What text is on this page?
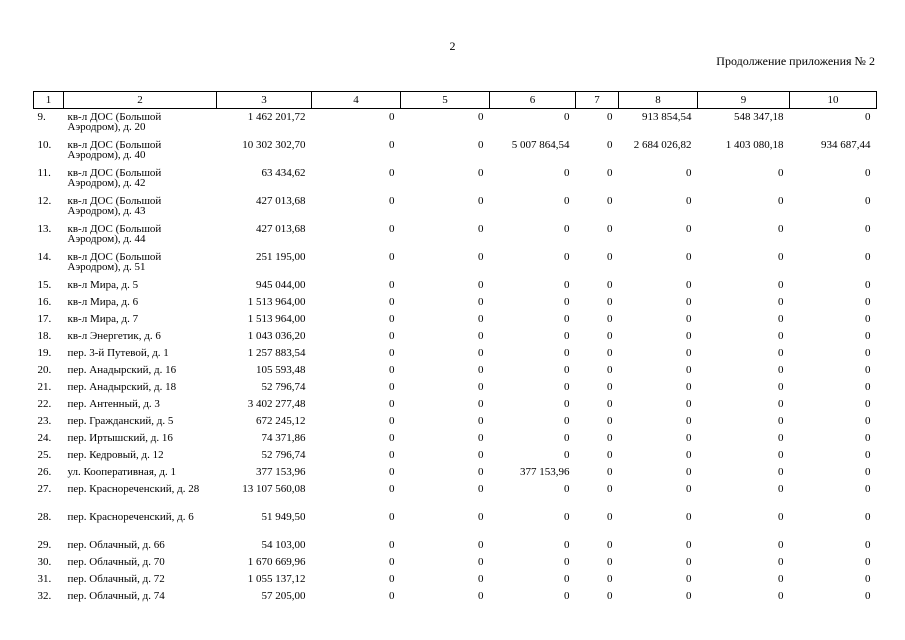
2
Продолжение приложения № 2
1	2	3	4	5	6	7	8	9	10
9.	кв-л ДОС (Большой Аэродром), д. 20	1 462 201,72	0	0	0	0	913 854,54	548 347,18	0
10.	кв-л ДОС (Большой Аэродром), д. 40	10 302 302,70	0	0	5 007 864,54	0	2 684 026,82	1 403 080,18	934 687,44
11.	кв-л ДОС (Большой Аэродром), д. 42	63 434,62	0	0	0	0	0	0	0
12.	кв-л ДОС (Большой Аэродром), д. 43	427 013,68	0	0	0	0	0	0	0
13.	кв-л ДОС (Большой Аэродром), д. 44	427 013,68	0	0	0	0	0	0	0
14.	кв-л ДОС (Большой Аэродром), д. 51	251 195,00	0	0	0	0	0	0	0
15.	кв-л Мира, д. 5	945 044,00	0	0	0	0	0	0	0
16.	кв-л Мира, д. 6	1 513 964,00	0	0	0	0	0	0	0
17.	кв-л Мира, д. 7	1 513 964,00	0	0	0	0	0	0	0
18.	кв-л Энергетик, д. 6	1 043 036,20	0	0	0	0	0	0	0
19.	пер. 3-й Путевой, д. 1	1 257 883,54	0	0	0	0	0	0	0
20.	пер. Анадырский, д. 16	105 593,48	0	0	0	0	0	0	0
21.	пер. Анадырский, д. 18	52 796,74	0	0	0	0	0	0	0
22.	пер. Антенный, д. 3	3 402 277,48	0	0	0	0	0	0	0
23.	пер. Гражданский, д. 5	672 245,12	0	0	0	0	0	0	0
24.	пер. Иртышский, д. 16	74 371,86	0	0	0	0	0	0	0
25.	пер. Кедровый, д. 12	52 796,74	0	0	0	0	0	0	0
26.	ул. Кооперативная, д. 1	377 153,96	0	0	377 153,96	0	0	0	0
27.	пер. Краснореченский, д. 28	13 107 560,08	0	0	0	0	0	0	0
28.	пер. Краснореченский, д. 6	51 949,50	0	0	0	0	0	0	0
29.	пер. Облачный, д. 66	54 103,00	0	0	0	0	0	0	0
30.	пер. Облачный, д. 70	1 670 669,96	0	0	0	0	0	0	0
31.	пер. Облачный, д. 72	1 055 137,12	0	0	0	0	0	0	0
32.	пер. Облачный, д. 74	57 205,00	0	0	0	0	0	0	0
